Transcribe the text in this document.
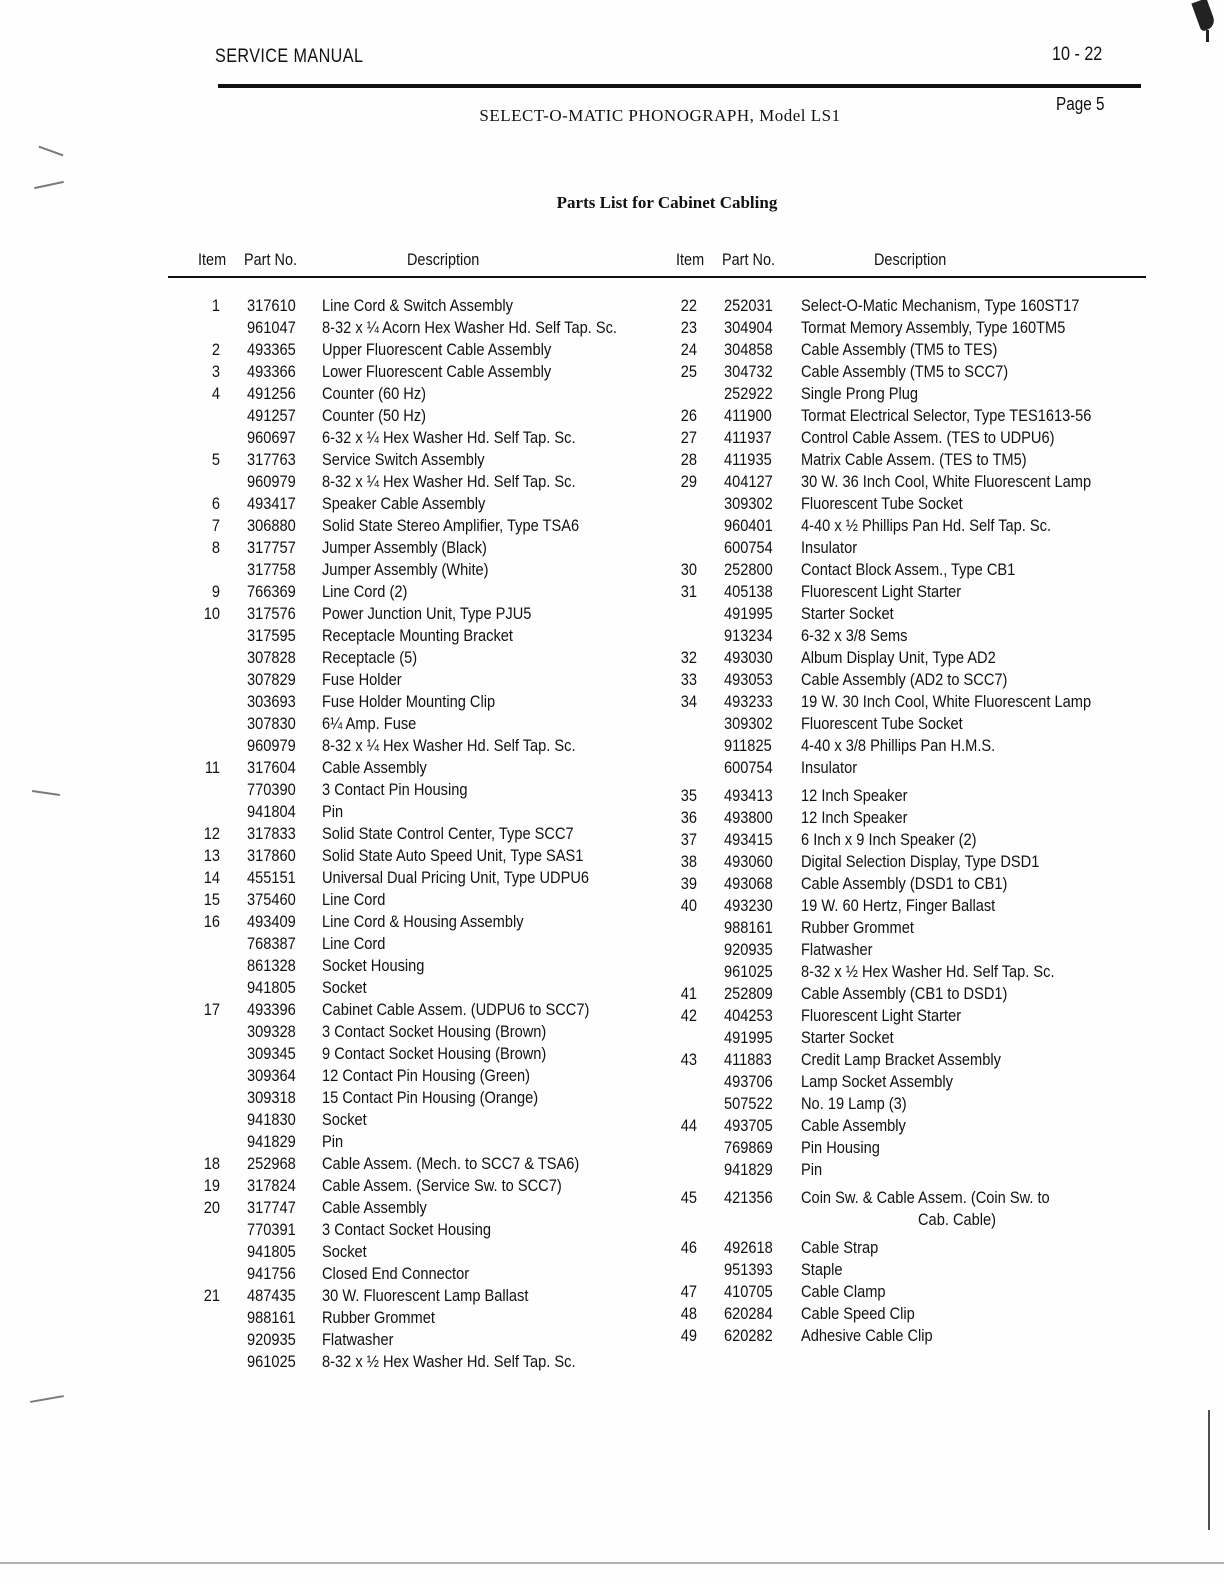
SERVICE MANUAL	10 - 22
Page 5
SELECT-O-MATIC PHONOGRAPH, Model LS1
Parts List for Cabinet Cabling
Item Part No.	Description	Item Part No.	Description
1 317610 Line Cord & Switch Assembly
961047 8-32 x ¼ Acorn Hex Washer Hd. Self Tap. Sc.
2 493365 Upper Fluorescent Cable Assembly
3 493366 Lower Fluorescent Cable Assembly
4 491256 Counter (60 Hz)
491257 Counter (50 Hz)
960697 6-32 x ¼ Hex Washer Hd. Self Tap. Sc.
5 317763 Service Switch Assembly
960979 8-32 x ¼ Hex Washer Hd. Self Tap. Sc.
6 493417 Speaker Cable Assembly
7 306880 Solid State Stereo Amplifier, Type TSA6
8 317757 Jumper Assembly (Black)
317758 Jumper Assembly (White)
9 766369 Line Cord (2)
10 317576 Power Junction Unit, Type PJU5
317595 Receptacle Mounting Bracket
307828 Receptacle (5)
307829 Fuse Holder
303693 Fuse Holder Mounting Clip
307830 6¼ Amp. Fuse
960979 8-32 x ¼ Hex Washer Hd. Self Tap. Sc.
11 317604 Cable Assembly
770390 3 Contact Pin Housing
941804 Pin
12 317833 Solid State Control Center, Type SCC7
13 317860 Solid State Auto Speed Unit, Type SAS1
14 455151 Universal Dual Pricing Unit, Type UDPU6
15 375460 Line Cord
16 493409 Line Cord & Housing Assembly
768387 Line Cord
861328 Socket Housing
941805 Socket
17 493396 Cabinet Cable Assem. (UDPU6 to SCC7)
309328 3 Contact Socket Housing (Brown)
309345 9 Contact Socket Housing (Brown)
309364 12 Contact Pin Housing (Green)
309318 15 Contact Pin Housing (Orange)
941830 Socket
941829 Pin
18 252968 Cable Assem. (Mech. to SCC7 & TSA6)
19 317824 Cable Assem. (Service Sw. to SCC7)
20 317747 Cable Assembly
770391 3 Contact Socket Housing
941805 Socket
941756 Closed End Connector
21 487435 30 W. Fluorescent Lamp Ballast
988161 Rubber Grommet
920935 Flatwasher
961025 8-32 x ½ Hex Washer Hd. Self Tap. Sc.
22 252031 Select-O-Matic Mechanism, Type 160ST17
23 304904 Tormat Memory Assembly, Type 160TM5
24 304858 Cable Assembly (TM5 to TES)
25 304732 Cable Assembly (TM5 to SCC7)
252922 Single Prong Plug
26 411900 Tormat Electrical Selector, Type TES1613-56
27 411937 Control Cable Assem. (TES to UDPU6)
28 411935 Matrix Cable Assem. (TES to TM5)
29 404127 30 W. 36 Inch Cool, White Fluorescent Lamp
309302 Fluorescent Tube Socket
960401 4-40 x ½ Phillips Pan Hd. Self Tap. Sc.
600754 Insulator
30 252800 Contact Block Assem., Type CB1
31 405138 Fluorescent Light Starter
491995 Starter Socket
913234 6-32 x 3/8 Sems
32 493030 Album Display Unit, Type AD2
33 493053 Cable Assembly (AD2 to SCC7)
34 493233 19 W. 30 Inch Cool, White Fluorescent Lamp
309302 Fluorescent Tube Socket
911825 4-40 x 3/8 Phillips Pan H.M.S.
600754 Insulator
35 493413 12 Inch Speaker
36 493800 12 Inch Speaker
37 493415 6 Inch x 9 Inch Speaker (2)
38 493060 Digital Selection Display, Type DSD1
39 493068 Cable Assembly (DSD1 to CB1)
40 493230 19 W. 60 Hertz, Finger Ballast
988161 Rubber Grommet
920935 Flatwasher
961025 8-32 x ½ Hex Washer Hd. Self Tap. Sc.
41 252809 Cable Assembly (CB1 to DSD1)
42 404253 Fluorescent Light Starter
491995 Starter Socket
43 411883 Credit Lamp Bracket Assembly
493706 Lamp Socket Assembly
507522 No. 19 Lamp (3)
44 493705 Cable Assembly
769869 Pin Housing
941829 Pin
45 421356 Coin Sw. & Cable Assem. (Coin Sw. to
Cab. Cable)
46 492618 Cable Strap
951393 Staple
47 410705 Cable Clamp
48 620284 Cable Speed Clip
49 620282 Adhesive Cable Clip
